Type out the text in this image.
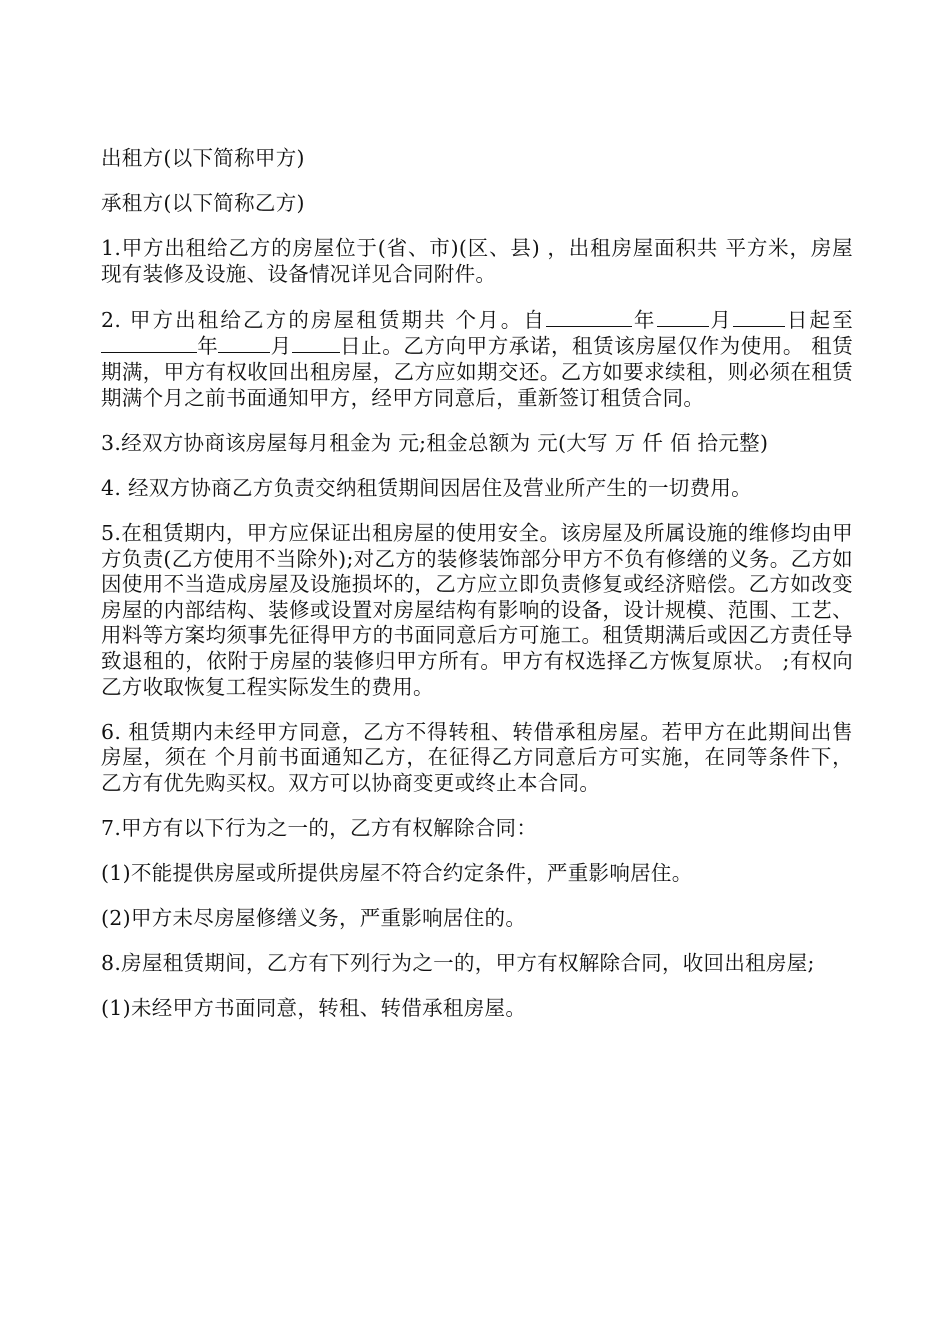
出租方(以下简称甲方)

承租方(以下简称乙方)

1.甲方出租给乙方的房屋位于(省、市)(区、县) ，出租房屋面积共 平方米，房屋现有装修及设施、设备情况详见合同附件。

2. 甲方出租给乙方的房屋租赁期共 个月。自	年	月	日起至年	月 日止。乙方向甲方承诺，租赁该房屋仅作为使用。 租赁期满，甲方有权收回出租房屋，乙方应如期交还。乙方如要求续租，则必须在租赁期满个月之前书面通知甲方，经甲方同意后，重新签订租赁合同。

3.经双方协商该房屋每月租金为 元;租金总额为 元(大写 万 仟 佰 拾元整)

4. 经双方协商乙方负责交纳租赁期间因居住及营业所产生的一切费用。

5.在租赁期内，甲方应保证出租房屋的使用安全。该房屋及所属设施的维修均由甲方负责(乙方使用不当除外);对乙方的装修装饰部分甲方不负有修缮的义务。乙方如因使用不当造成房屋及设施损坏的，乙方应立即负责修复或经济赔偿。乙方如改变房屋的内部结构、装修或设置对房屋结构有影响的设备，设计规模、范围、工艺、用料等方案均须事先征得甲方的书面同意后方可施工。租赁期满后或因乙方责任导致退租的，依附于房屋的装修归甲方所有。甲方有权选择乙方恢复原状。 ;有权向乙方收取恢复工程实际发生的费用。

6. 租赁期内未经甲方同意，乙方不得转租、转借承租房屋。若甲方在此期间出售房屋，须在 个月前书面通知乙方，在征得乙方同意后方可实施，在同等条件下，乙方有优先购买权。双方可以协商变更或终止本合同。

7.甲方有以下行为之一的，乙方有权解除合同：

(1)不能提供房屋或所提供房屋不符合约定条件，严重影响居住。

(2)甲方未尽房屋修缮义务，严重影响居住的。

8.房屋租赁期间，乙方有下列行为之一的，甲方有权解除合同，收回出租房屋;

(1)未经甲方书面同意，转租、转借承租房屋。
